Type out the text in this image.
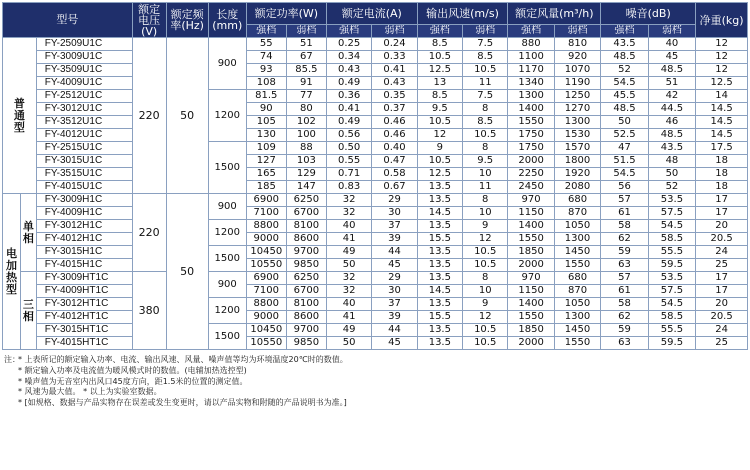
型号			额定电压(V)	额定频率(Hz)	长度(mm)	额定功率(W)		额定电流(A)		输出风速(m/s)		额定风量(m³/h)		噪音(dB)		净重(kg)
						强档	弱档	强档	弱档	强档	弱档	强档	弱档	强档	弱档	

普
通
型		FY-2509U1C	220	50	900	55	51	0.25	0.24	8.5	7.5	880	810	43.5	40	12
		FY-3009U1C				74	67	0.34	0.33	10.5	8.5	1100	920	48.5	45	12
		FY-3509U1C				93	85.5	0.43	0.41	12.5	10.5	1170	1070	52	48.5	12
		FY-4009U1C				108	91	0.49	0.43	13	11	1340	1190	54.5	51	12.5
		FY-2512U1C			1200	81.5	77	0.36	0.35	8.5	7.5	1300	1250	45.5	42	14
		FY-3012U1C				90	80	0.41	0.37	9.5	8	1400	1270	48.5	44.5	14.5
		FY-3512U1C				105	102	0.49	0.46	10.5	8.5	1550	1300	50	46	14.5
		FY-4012U1C				130	100	0.56	0.46	12	10.5	1750	1530	52.5	48.5	14.5
		FY-2515U1C			1500	109	88	0.50	0.40	9	8	1750	1570	47	43.5	17.5
		FY-3015U1C				127	103	0.55	0.47	10.5	9.5	2000	1800	51.5	48	18
		FY-3515U1C				165	129	0.71	0.58	12.5	10	2250	1920	54.5	50	18
		FY-4015U1C				185	147	0.83	0.67	13.5	11	2450	2080	56	52	18

电
加
热
型	单
相	FY-3009H1C	220	50	900	6900	6250	32	29	13.5	8	970	680	57	53.5	17
		FY-4009H1C				7100	6700	32	30	14.5	10	1150	870	61	57.5	17
		FY-3012H1C			1200	8800	8100	40	37	13.5	9	1400	1050	58	54.5	20
		FY-4012H1C				9000	8600	41	39	15.5	12	1550	1300	62	58.5	20.5
		FY-3015H1C			1500	10450	9700	49	44	13.5	10.5	1850	1450	59	55.5	24
		FY-4015H1C				10550	9850	50	45	13.5	10.5	2000	1550	63	59.5	25

	三
相	FY-3009HT1C	380		900	6900	6250	32	29	13.5	8	970	680	57	53.5	17
		FY-4009HT1C				7100	6700	32	30	14.5	10	1150	870	61	57.5	17
		FY-3012HT1C			1200	8800	8100	40	37	13.5	9	1400	1050	58	54.5	20
		FY-4012HT1C				9000	8600	41	39	15.5	12	1550	1300	62	58.5	20.5
		FY-3015HT1C			1500	10450	9700	49	44	13.5	10.5	1850	1450	59	55.5	24
		FY-4015HT1C				10550	9850	50	45	13.5	10.5	2000	1550	63	59.5	25
注：* 上表所记的额定输入功率、电流、输出风速、风量、噪声值等均为环境温度20℃时的数值。
* 额定输入功率及电流值为暖风模式时的数值。(电辅加热选控型)
* 噪声值为无音室内出风口45度方向，距1.5米的位置的测定值。
* 风速为最大值。 * 以上为实验室数据。
* [如规格、数据与产品实物存在误差或发生变更时，请以产品实物和附随的产品说明书为准。]
